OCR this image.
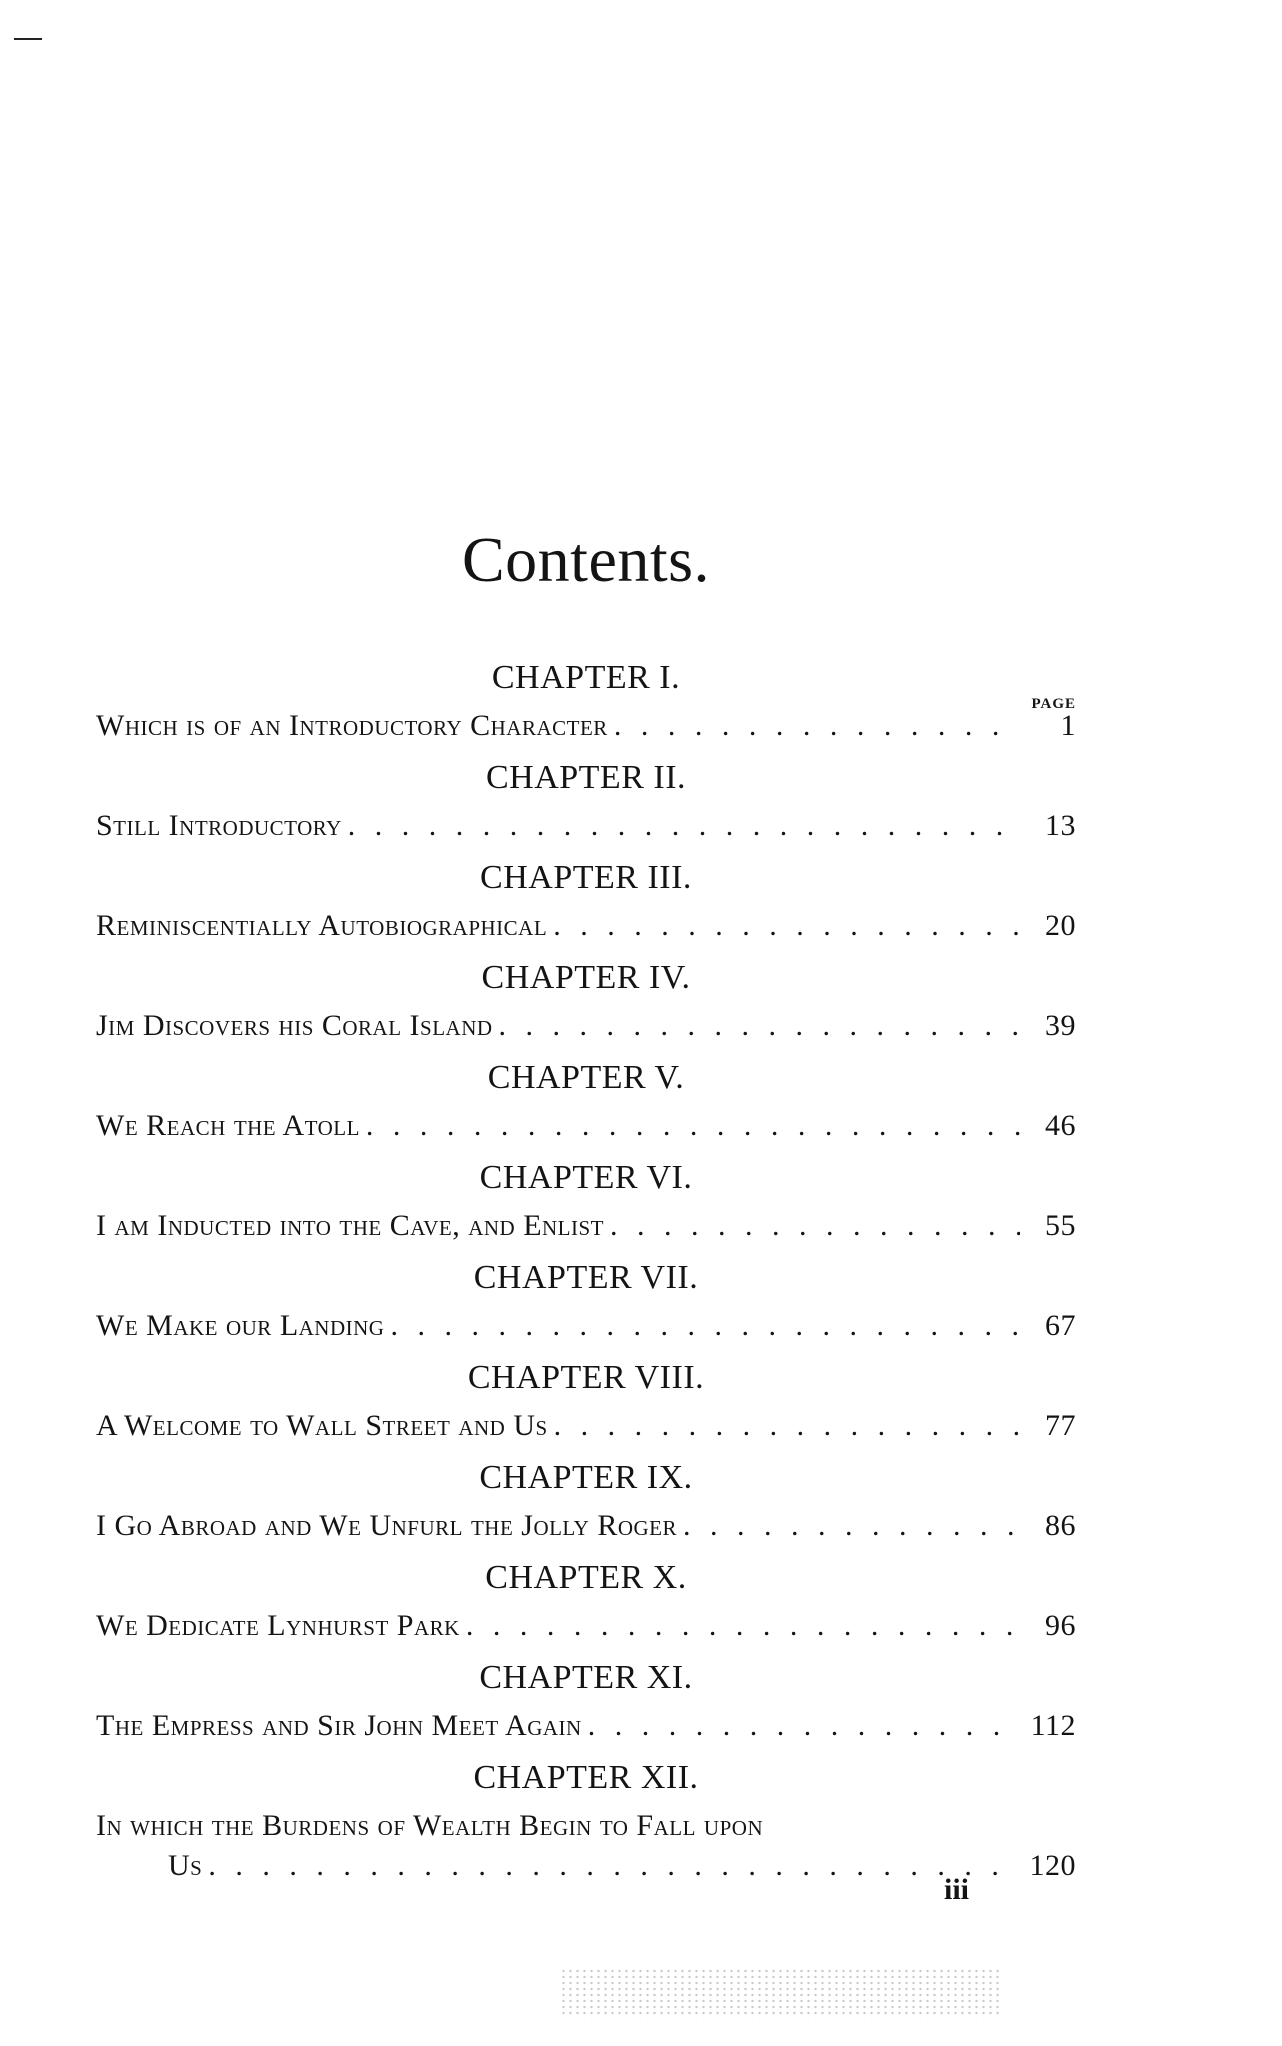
Contents.
CHAPTER I.
PAGE
Which is of an Introductory Character . . .	1
CHAPTER II.
Still Introductory . . .	13
CHAPTER III.
Reminiscentially Autobiographical . . .	20
CHAPTER IV.
Jim Discovers his Coral Island . . .	39
CHAPTER V.
We Reach the Atoll . . .	46
CHAPTER VI.
I am Inducted into the Cave, and Enlist . . .	55
CHAPTER VII.
We Make our Landing . . .	67
CHAPTER VIII.
A Welcome to Wall Street and Us . . .	77
CHAPTER IX.
I Go Abroad and We Unfurl the Jolly Roger . . .	86
CHAPTER X.
We Dedicate Lynhurst Park . . .	96
CHAPTER XI.
The Empress and Sir John Meet Again . . .	112
CHAPTER XII.
In which the Burdens of Wealth Begin to Fall upon
Us . . .	120
iii
